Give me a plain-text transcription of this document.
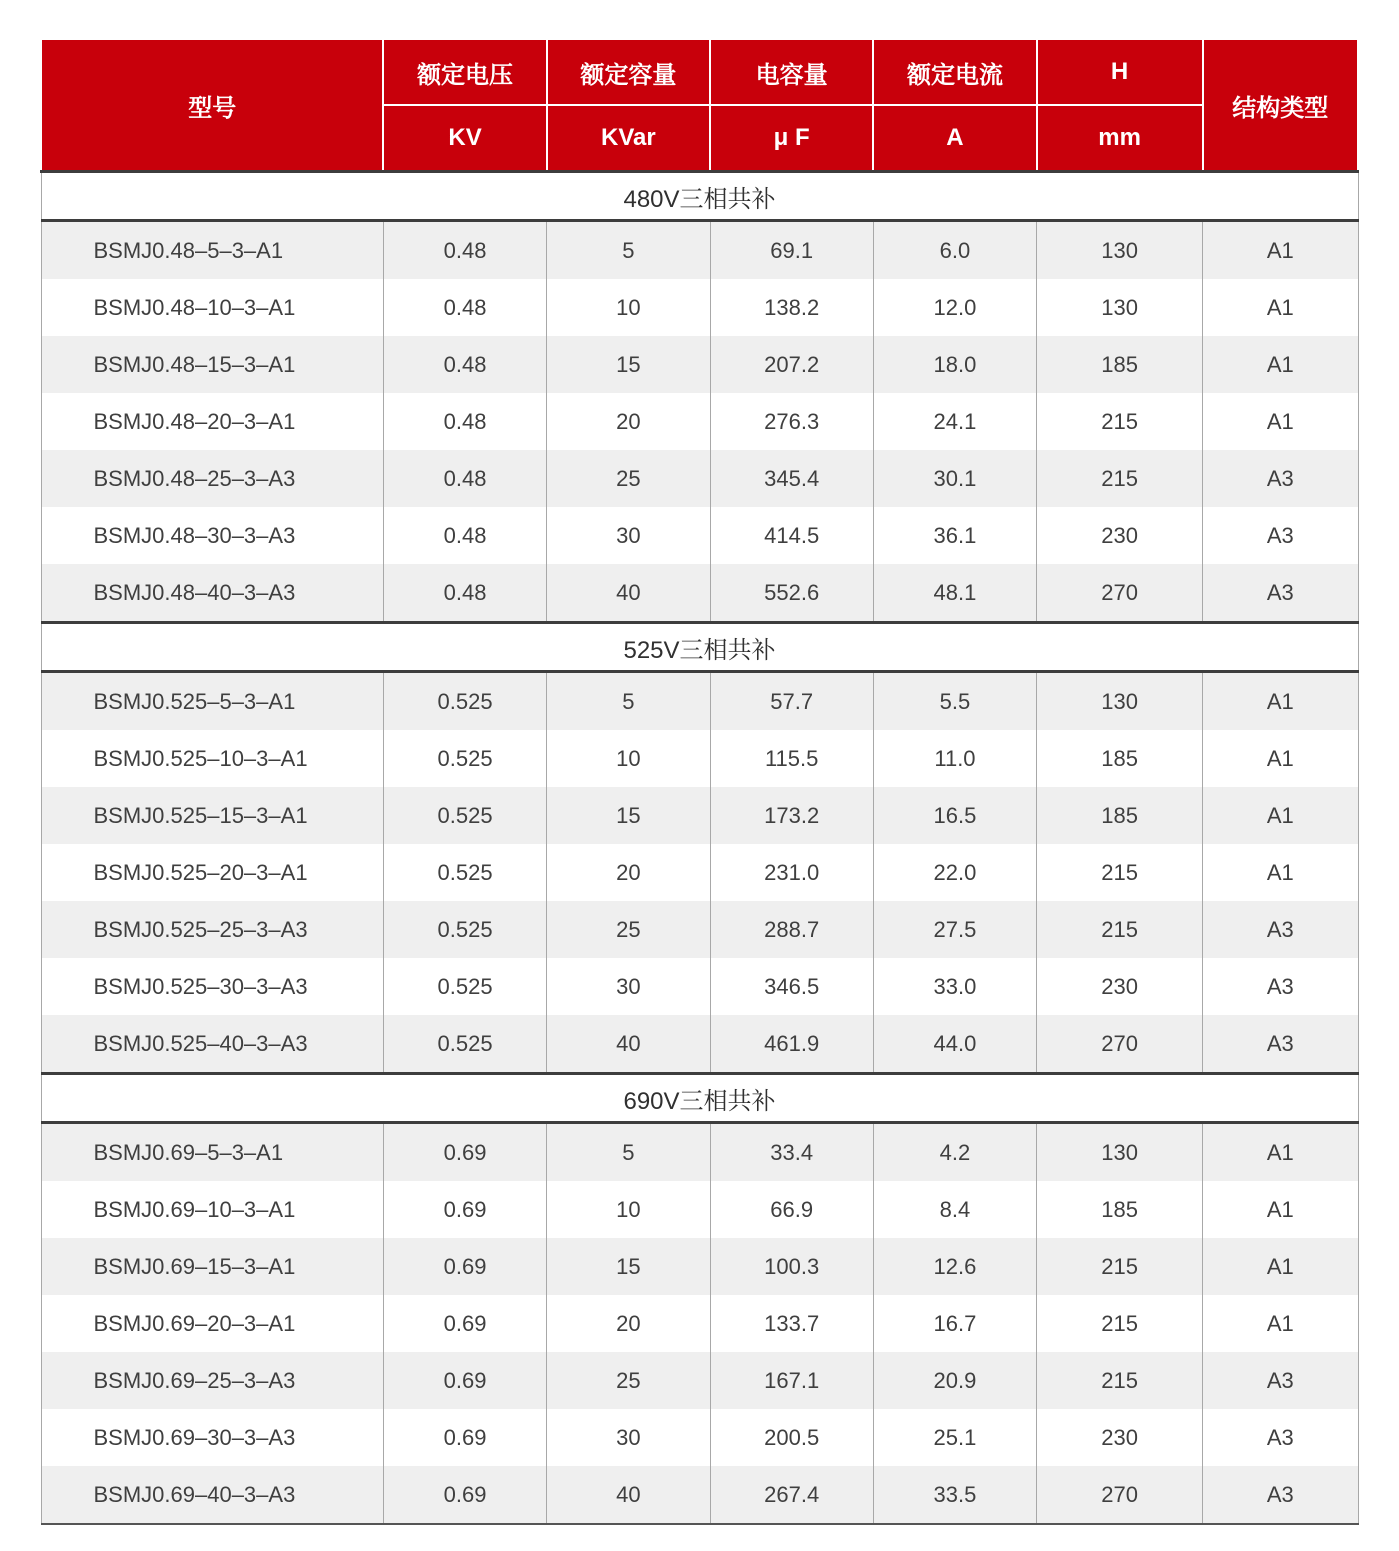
型号	额定电压	额定容量	电容量	额定电流	H	结构类型
	KV	KVar	μ F	A	mm	
480V三相共补						
BSMJ0.48–5–3–A1	0.48	5	69.1	6.0	130	A1
BSMJ0.48–10–3–A1	0.48	10	138.2	12.0	130	A1
BSMJ0.48–15–3–A1	0.48	15	207.2	18.0	185	A1
BSMJ0.48–20–3–A1	0.48	20	276.3	24.1	215	A1
BSMJ0.48–25–3–A3	0.48	25	345.4	30.1	215	A3
BSMJ0.48–30–3–A3	0.48	30	414.5	36.1	230	A3
BSMJ0.48–40–3–A3	0.48	40	552.6	48.1	270	A3
525V三相共补						
BSMJ0.525–5–3–A1	0.525	5	57.7	5.5	130	A1
BSMJ0.525–10–3–A1	0.525	10	115.5	11.0	185	A1
BSMJ0.525–15–3–A1	0.525	15	173.2	16.5	185	A1
BSMJ0.525–20–3–A1	0.525	20	231.0	22.0	215	A1
BSMJ0.525–25–3–A3	0.525	25	288.7	27.5	215	A3
BSMJ0.525–30–3–A3	0.525	30	346.5	33.0	230	A3
BSMJ0.525–40–3–A3	0.525	40	461.9	44.0	270	A3
690V三相共补						
BSMJ0.69–5–3–A1	0.69	5	33.4	4.2	130	A1
BSMJ0.69–10–3–A1	0.69	10	66.9	8.4	185	A1
BSMJ0.69–15–3–A1	0.69	15	100.3	12.6	215	A1
BSMJ0.69–20–3–A1	0.69	20	133.7	16.7	215	A1
BSMJ0.69–25–3–A3	0.69	25	167.1	20.9	215	A3
BSMJ0.69–30–3–A3	0.69	30	200.5	25.1	230	A3
BSMJ0.69–40–3–A3	0.69	40	267.4	33.5	270	A3
